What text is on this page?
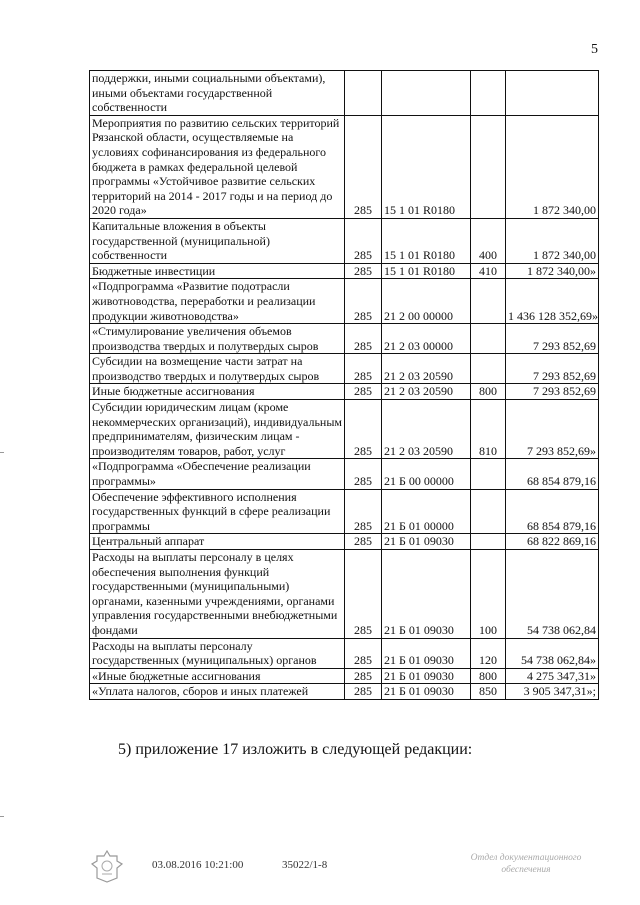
5
поддержки, иными социальными объектами), иными объектами государственной собственности				
Мероприятия по развитию сельских территорий Рязанской области, осуществляемые на условиях софинансирования из федерального бюджета в рамках федеральной целевой программы «Устойчивое развитие сельских территорий на 2014 - 2017 годы и на период до 2020 года»	285	15 1 01 R0180		1 872 340,00
Капитальные вложения в объекты государственной (муниципальной) собственности	285	15 1 01 R0180	400	1 872 340,00
Бюджетные инвестиции	285	15 1 01 R0180	410	1 872 340,00»
«Подпрограмма «Развитие подотрасли животноводства, переработки и реализации продукции животноводства»	285	21 2 00 00000		1 436 128 352,69»
«Стимулирование увеличения объемов производства твердых и полутвердых сыров	285	21 2 03 00000		7 293 852,69
Субсидии на возмещение части затрат на производство твердых и полутвердых сыров	285	21 2 03 20590		7 293 852,69
Иные бюджетные ассигнования	285	21 2 03 20590	800	7 293 852,69
Субсидии юридическим лицам (кроме некоммерческих организаций), индивидуальным предпринимателям, физическим лицам - производителям товаров, работ, услуг	285	21 2 03 20590	810	7 293 852,69»
«Подпрограмма «Обеспечение реализации программы»	285	21 Б 00 00000		68 854 879,16
Обеспечение эффективного исполнения государственных функций в сфере реализации программы	285	21 Б 01 00000		68 854 879,16
Центральный аппарат	285	21 Б 01 09030		68 822 869,16
Расходы на выплаты персоналу в целях обеспечения выполнения функций государственными (муниципальными) органами, казенными учреждениями, органами управления государственными внебюджетными фондами	285	21 Б 01 09030	100	54 738 062,84
Расходы на выплаты персоналу государственных (муниципальных) органов	285	21 Б 01 09030	120	54 738 062,84»
«Иные бюджетные ассигнования	285	21 Б 01 09030	800	4 275 347,31»
«Уплата налогов, сборов и иных платежей	285	21 Б 01 09030	850	3 905 347,31»;
5) приложение 17 изложить в следующей редакции:
03.08.2016 10:21:00	35022/1-8
Отдел документационного обеспечения
